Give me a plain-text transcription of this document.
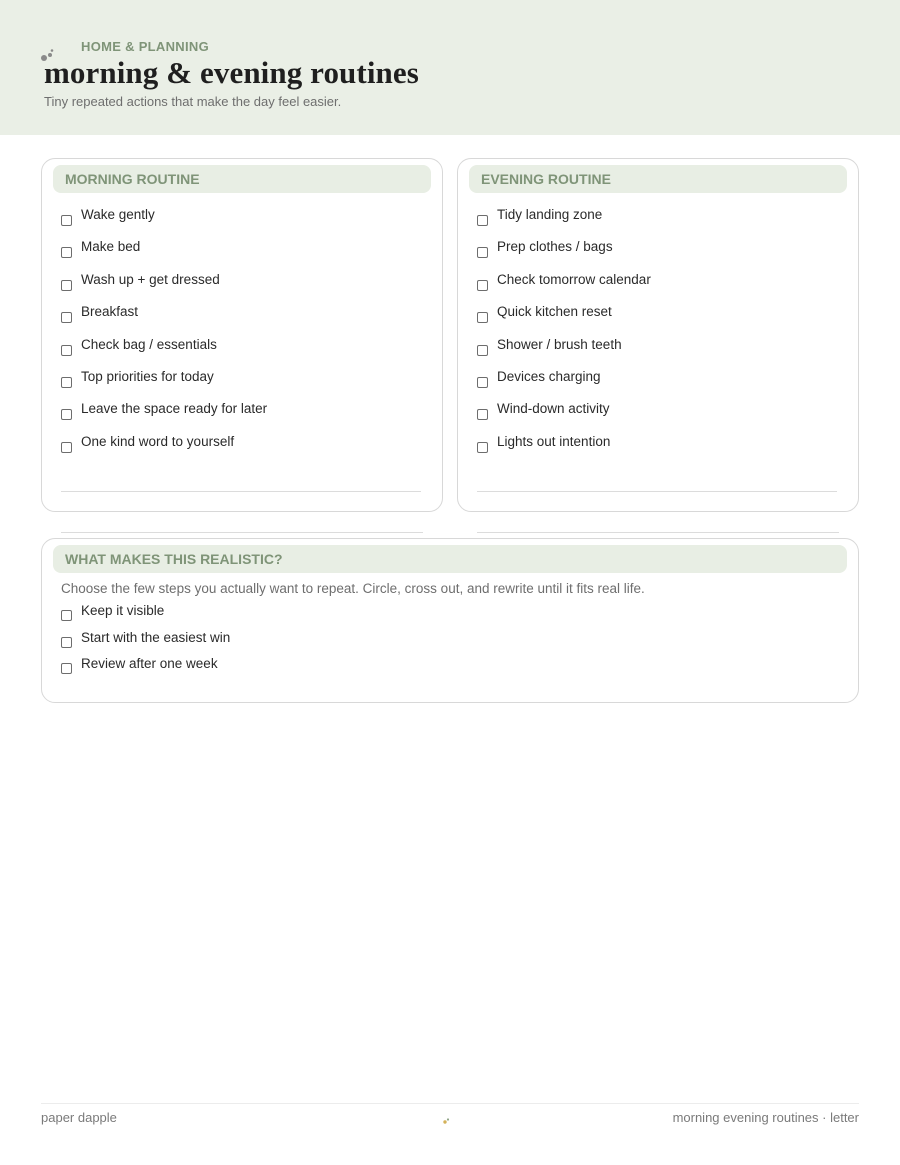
HOME & PLANNING
morning & evening routines

Tiny repeated actions that make the day feel easier.

MORNING ROUTINE
Wake gently
Make bed
Wash up + get dressed
Breakfast
Check bag / essentials
Top priorities for today
Leave the space ready for later
One kind word to yourself
EVENING ROUTINE
Tidy landing zone
Prep clothes / bags
Check tomorrow calendar
Quick kitchen reset
Shower / brush teeth
Devices charging
Wind-down activity
Lights out intention
WHAT MAKES THIS REALISTIC?
Choose the few steps you actually want to repeat. Circle, cross out, and rewrite until it fits real life.
Keep it visible
Start with the easiest win
Review after one week
paper dapple	morning evening routines · letter
